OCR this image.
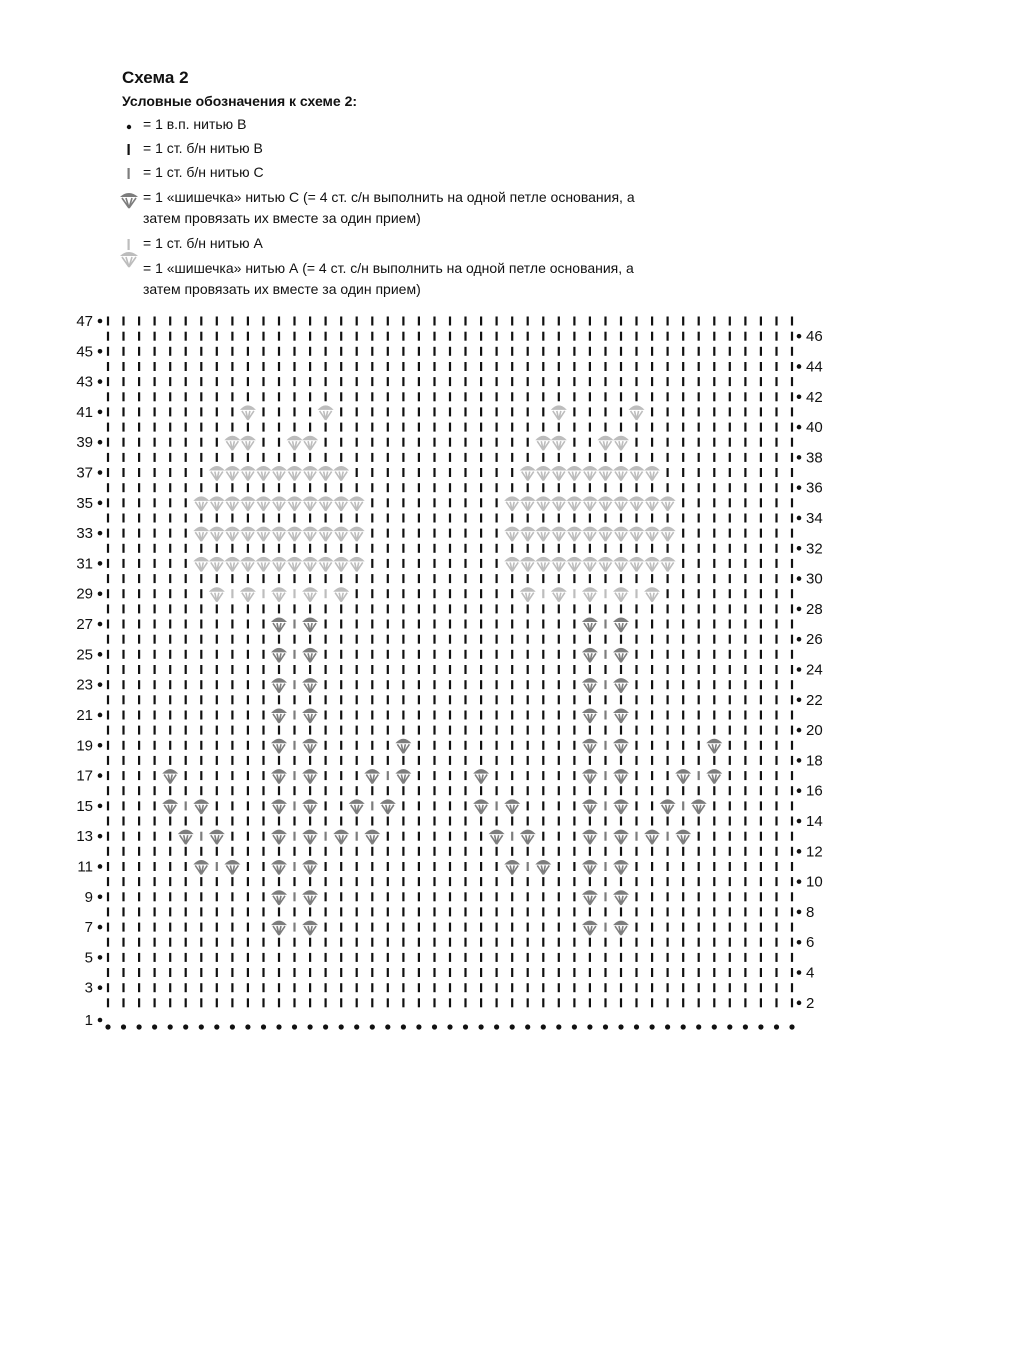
Схема 2
Условные обозначения к схеме 2:
= 1 в.п. нитью В
= 1 ст. б/н нитью В
= 1 ст. б/н нитью С
= 1 «шишечка» нитью С (= 4 ст. с/н выполнить на одной петле основания, а
затем провязать их вместе за один прием)
= 1 ст. б/н нитью А
= 1 «шишечка» нитью А (= 4 ст. с/н выполнить на одной петле основания, а
затем провязать их вместе за один прием)
47
45
43
41
39
37
35
33
31
29
27
25
23
21
19
17
15
13
11
9
7
5
3
1
46
44
42
40
38
36
34
32
30
28
26
24
22
20
18
16
14
12
10
8
6
4
2
